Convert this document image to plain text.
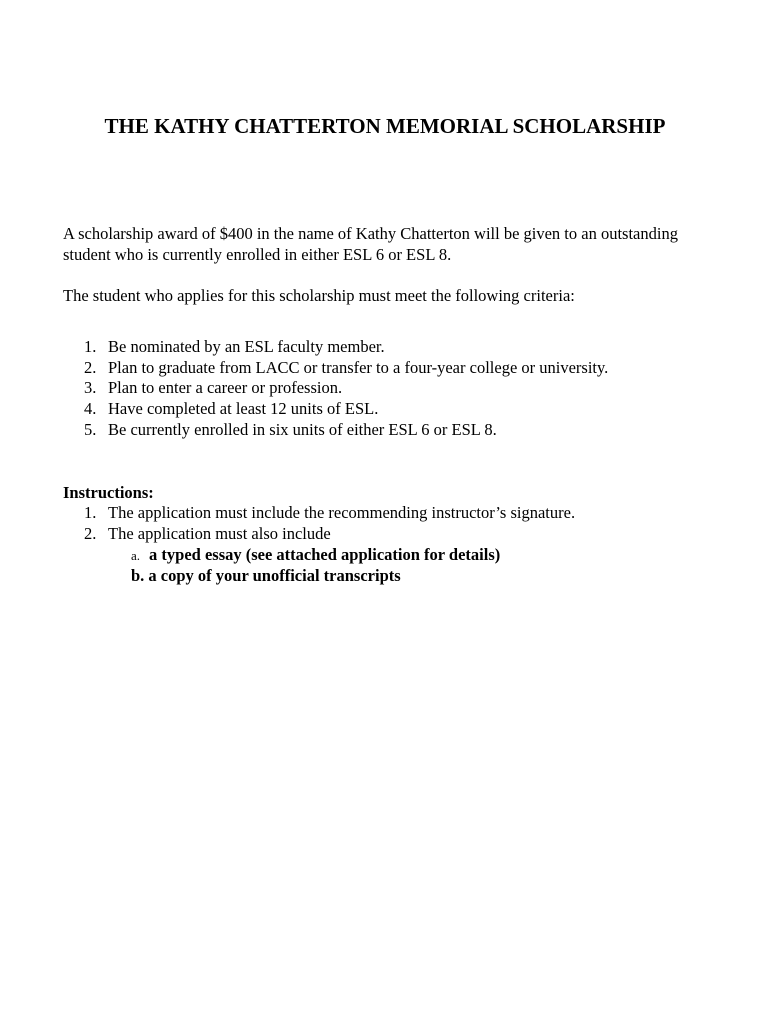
THE KATHY CHATTERTON MEMORIAL SCHOLARSHIP

A scholarship award of $400 in the name of Kathy Chatterton will be given to an outstanding student who is currently enrolled in either ESL 6 or ESL 8.

The student who applies for this scholarship must meet the following criteria:

1. Be nominated by an ESL faculty member.
2. Plan to graduate from LACC or transfer to a four-year college or university.
3. Plan to enter a career or profession.
4. Have completed at least 12 units of ESL.
5. Be currently enrolled in six units of either ESL 6 or ESL 8.

Instructions:

1. The application must include the recommending instructor’s signature.
2. The application must also include
a. a typed essay (see attached application for details)
b. a copy of your unofficial transcripts
